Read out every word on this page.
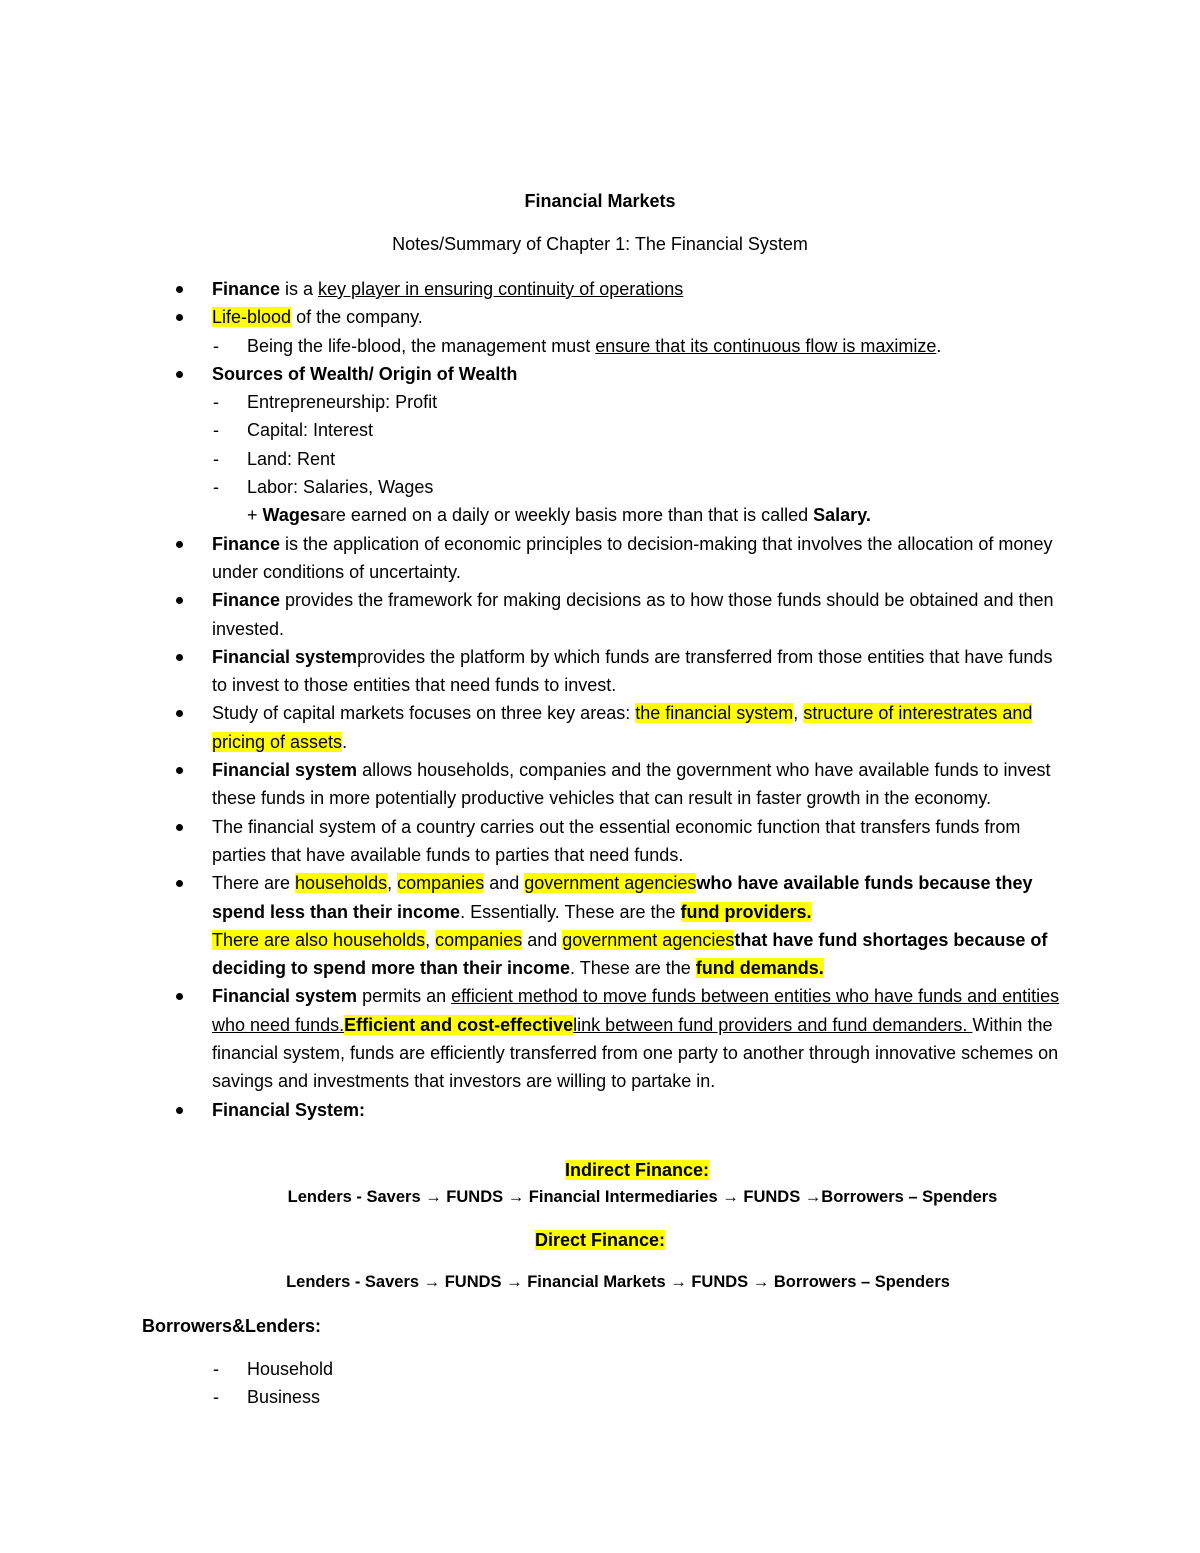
Financial Markets
Notes/Summary of Chapter 1: The Financial System
Finance is a key player in ensuring continuity of operations
Life-blood of the company.
- Being the life-blood, the management must ensure that its continuous flow is maximize.
Sources of Wealth/ Origin of Wealth
- Entrepreneurship: Profit
- Capital: Interest
- Land: Rent
- Labor: Salaries, Wages
+ Wagesare earned on a daily or weekly basis more than that is called Salary.
Finance is the application of economic principles to decision-making that involves the allocation of money under conditions of uncertainty.
Finance provides the framework for making decisions as to how those funds should be obtained and then invested.
Financial systemprovides the platform by which funds are transferred from those entities that have funds to invest to those entities that need funds to invest.
Study of capital markets focuses on three key areas: the financial system, structure of interestrates and pricing of assets.
Financial system allows households, companies and the government who have available funds to invest these funds in more potentially productive vehicles that can result in faster growth in the economy.
The financial system of a country carries out the essential economic function that transfers funds from parties that have available funds to parties that need funds.
There are households, companies and government agencieswho have available funds because they spend less than their income. Essentially. These are the fund providers.
There are also households, companies and government agenciesthat have fund shortages because of deciding to spend more than their income. These are the fund demands.
Financial system permits an efficient method to move funds between entities who have funds and entities who need funds.Efficient and cost-effectivelink between fund providers and fund demanders. Within the financial system, funds are efficiently transferred from one party to another through innovative schemes on savings and investments that investors are willing to partake in.
Financial System:
Indirect Finance:
Lenders - Savers → FUNDS → Financial Intermediaries → FUNDS →Borrowers – Spenders
Direct Finance:
Lenders - Savers → FUNDS → Financial Markets → FUNDS → Borrowers – Spenders
Borrowers&Lenders:
- Household
- Business
